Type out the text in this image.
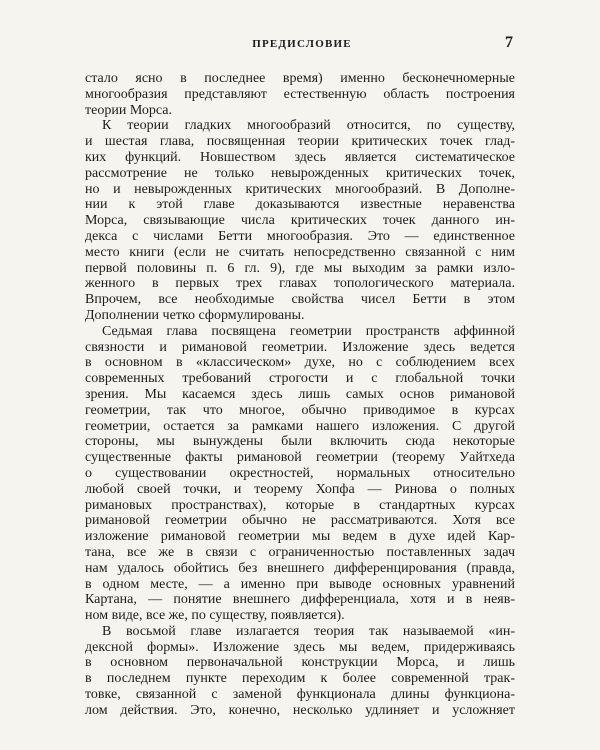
ПРЕДИСЛОВИЕ	7
стало ясно в последнее время) именно бесконечномерные
многообразия представляют естественную область построения
теории Морса.
К теории гладких многообразий относится, по существу,
и шестая глава, посвященная теории критических точек глад-
ких функций. Новшеством здесь является систематическое
рассмотрение не только невырожденных критических точек,
но и невырожденных критических многообразий. В Дополне-
нии к этой главе доказываются известные неравенства
Морса, связывающие числа критических точек данного ин-
декса с числами Бетти многообразия. Это — единственное
место книги (если не считать непосредственно связанной с ним
первой половины п. 6 гл. 9), где мы выходим за рамки изло-
женного в первых трех главах топологического материала.
Впрочем, все необходимые свойства чисел Бетти в этом
Дополнении четко сформулированы.
Седьмая глава посвящена геометрии пространств аффинной
связности и римановой геометрии. Изложение здесь ведется
в основном в «классическом» духе, но с соблюдением всех
современных требований строгости и с глобальной точки
зрения. Мы касаемся здесь лишь самых основ римановой
геометрии, так что многое, обычно приводимое в курсах
геометрии, остается за рамками нашего изложения. С другой
стороны, мы вынуждены были включить сюда некоторые
существенные факты римановой геометрии (теорему Уайтхеда
о существовании окрестностей, нормальных относительно
любой своей точки, и теорему Хопфа — Ринова о полных
римановых пространствах), которые в стандартных курсах
римановой геометрии обычно не рассматриваются. Хотя все
изложение римановой геометрии мы ведем в духе идей Кар-
тана, все же в связи с ограниченностью поставленных задач
нам удалось обойтись без внешнего дифференцирования (правда,
в одном месте, — а именно при выводе основных уравнений
Картана, — понятие внешнего дифференциала, хотя и в неяв-
ном виде, все же, по существу, появляется).
В восьмой главе излагается теория так называемой «ин-
дексной формы». Изложение здесь мы ведем, придерживаясь
в основном первоначальной конструкции Морса, и лишь
в последнем пункте переходим к более современной трак-
товке, связанной с заменой функционала длины функциона-
лом действия. Это, конечно, несколько удлиняет и усложняет
